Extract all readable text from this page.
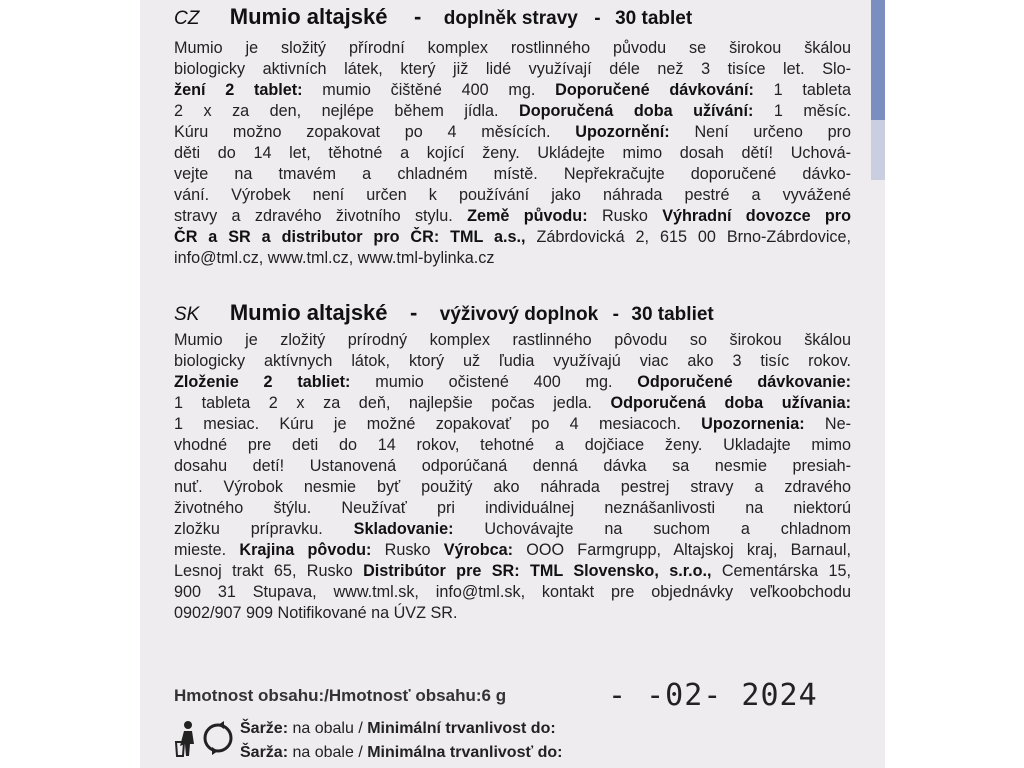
CZ Mumio altajské - doplněk stravy - 30 tablet
Mumio je složitý přírodní komplex rostlinného původu se širokou škálou
biologicky aktivních látek, který již lidé využívají déle než 3 tisíce let. Slo-
žení 2 tablet: mumio čištěné 400 mg. Doporučené dávkování: 1 tableta
2 x za den, nejlépe během jídla. Doporučená doba užívání: 1 měsíc.
Kúru možno zopakovat po 4 měsících. Upozornění: Není určeno pro
děti do 14 let, těhotné a kojící ženy. Ukládejte mimo dosah dětí! Uchová-
vejte na tmavém a chladném místě. Nepřekračujte doporučené dávko-
vání. Výrobek není určen k používání jako náhrada pestré a vyvážené
stravy a zdravého životního stylu. Země původu: Rusko Výhradní dovozce pro
ČR a SR a distributor pro ČR: TML a.s., Zábrdovická 2, 615 00 Brno-Zábrdovice,
info@tml.cz, www.tml.cz, www.tml-bylinka.cz
SK Mumio altajské - výživový doplnok - 30 tabliet
Mumio je zložitý prírodný komplex rastlinného pôvodu so širokou škálou
biologicky aktívnych látok, ktorý už ľudia využívajú viac ako 3 tisíc rokov.
Zloženie 2 tabliet: mumio očistené 400 mg. Odporučené dávkovanie:
1 tableta 2 x za deň, najlepšie počas jedla. Odporučená doba užívania:
1 mesiac. Kúru je možné zopakovať po 4 mesiacoch. Upozornenia: Ne-
vhodné pre deti do 14 rokov, tehotné a dojčiace ženy. Ukladajte mimo
dosahu detí! Ustanovená odporúčaná denná dávka sa nesmie presiah-
nuť. Výrobok nesmie byť použitý ako náhrada pestrej stravy a zdravého
životného štýlu. Neužívať pri individuálnej neznášanlivosti na niektorú
zložku prípravku. Skladovanie: Uchovávajte na suchom a chladnom
mieste. Krajina pôvodu: Rusko Výrobca: OOO Farmgrupp, Altajskoj kraj, Barnaul,
Lesnoj trakt 65, Rusko Distribútor pre SR: TML Slovensko, s.r.o., Cementárska 15,
900 31 Stupava, www.tml.sk, info@tml.sk, kontakt pre objednávky veľkoobchodu
0902/907 909 Notifikované na ÚVZ SR.
Hmotnost obsahu:/Hmotnosť obsahu:6 g	- -02- 2024
Šarže: na obalu / Minimální trvanlivost do:
Šarža: na obale / Minimálna trvanlivosť do:
